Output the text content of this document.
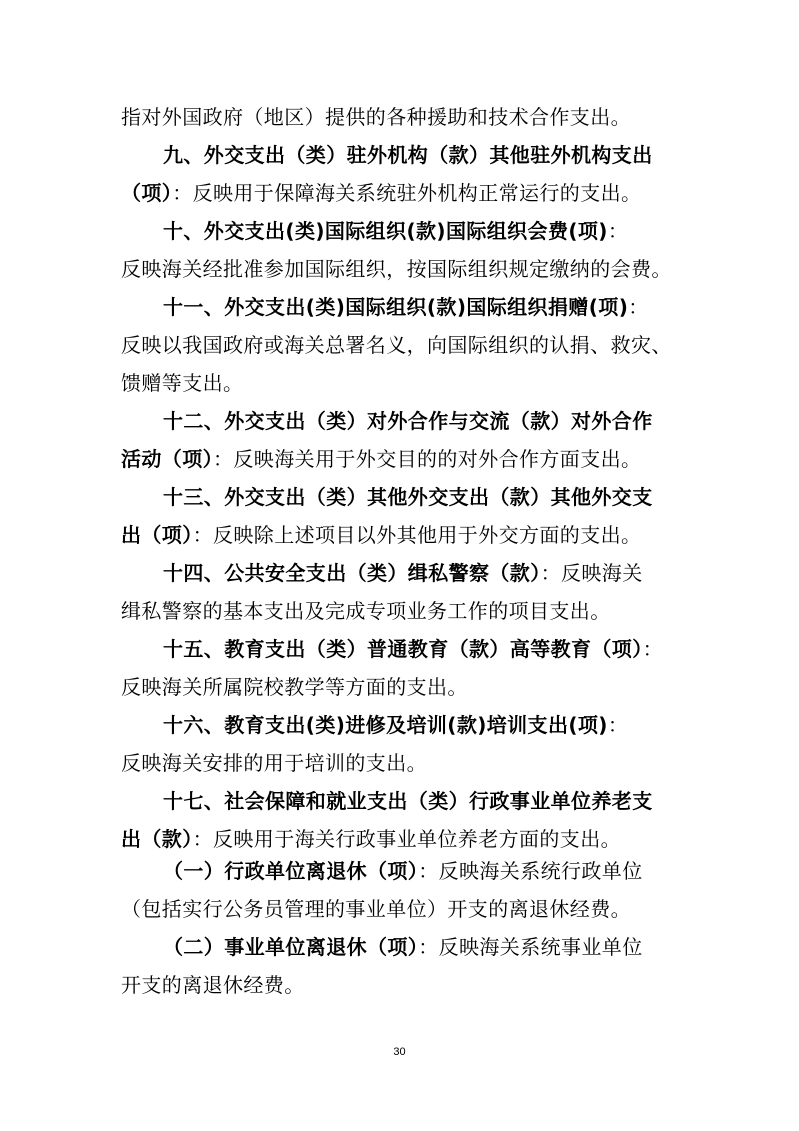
指对外国政府（地区）提供的各种援助和技术合作支出。
九、外交支出（类）驻外机构（款）其他驻外机构支出
（项）：反映用于保障海关系统驻外机构正常运行的支出。
十、外交支出(类)国际组织(款)国际组织会费(项)：
反映海关经批准参加国际组织，按国际组织规定缴纳的会费。
十一、外交支出(类)国际组织(款)国际组织捐赠(项)：
反映以我国政府或海关总署名义，向国际组织的认捐、救灾、
馈赠等支出。
十二、外交支出（类）对外合作与交流（款）对外合作
活动（项）：反映海关用于外交目的的对外合作方面支出。
十三、外交支出（类）其他外交支出（款）其他外交支
出（项）：反映除上述项目以外其他用于外交方面的支出。
十四、公共安全支出（类）缉私警察（款）：反映海关
缉私警察的基本支出及完成专项业务工作的项目支出。
十五、教育支出（类）普通教育（款）高等教育（项）：
反映海关所属院校教学等方面的支出。
十六、教育支出(类)进修及培训(款)培训支出(项)：
反映海关安排的用于培训的支出。
十七、社会保障和就业支出（类）行政事业单位养老支
出（款）：反映用于海关行政事业单位养老方面的支出。
（一）行政单位离退休（项）：反映海关系统行政单位
（包括实行公务员管理的事业单位）开支的离退休经费。
（二）事业单位离退休（项）：反映海关系统事业单位
开支的离退休经费。
30
